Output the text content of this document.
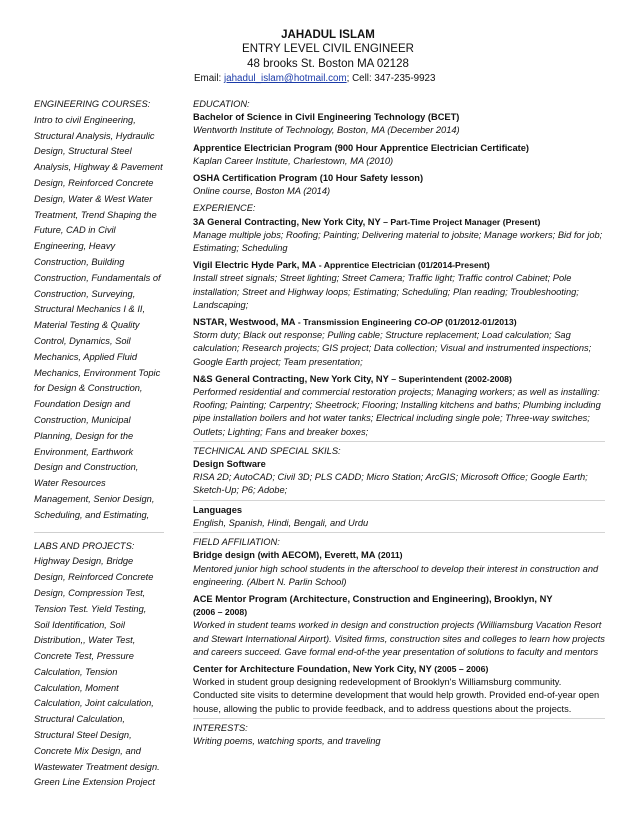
JAHADUL ISLAM
ENTRY LEVEL CIVIL ENGINEER
48 brooks St. Boston MA 02128
Email: jahadul_islam@hotmail.com; Cell: 347-235-9923
ENGINEERING COURSES:
Intro to civil Engineering, Structural Analysis, Hydraulic Design, Structural Steel Analysis, Highway & Pavement Design, Reinforced Concrete Design, Water & West Water Treatment, Trend Shaping the Future, CAD in Civil Engineering, Heavy Construction, Building Construction, Fundamentals of Construction, Surveying, Structural Mechanics I & II, Material Testing & Quality Control, Dynamics, Soil Mechanics, Applied Fluid Mechanics, Environment Topic for Design & Construction, Foundation Design and Construction, Municipal Planning, Design for the Environment, Earthwork Design and Construction, Water Resources Management, Senior Design, Scheduling, and Estimating,
LABS AND PROJECTS:
Highway Design, Bridge Design, Reinforced Concrete Design, Compression Test, Tension Test. Yield Testing, Soil Identification, Soil Distribution,, Water Test, Concrete Test, Pressure Calculation, Tension Calculation, Moment Calculation, Joint calculation, Structural Calculation, Structural Steel Design, Concrete Mix Design, and Wastewater Treatment design. Green Line Extension Project

EDUCATION:

Bachelor of Science in Civil Engineering Technology (BCET)

Wentworth Institute of Technology, Boston, MA (December 2014)

Apprentice Electrician Program (900 Hour Apprentice Electrician Certificate)

Kaplan Career Institute, Charlestown, MA (2010)

OSHA Certification Program (10 Hour Safety lesson)

Online course, Boston MA (2014)

EXPERIENCE:

3A General Contracting, New York City, NY – Part-Time Project Manager (Present)

Manage multiple jobs; Roofing; Painting; Delivering material to jobsite; Manage workers; Bid for job; Estimating; Scheduling

Vigil Electric Hyde Park, MA - Apprentice Electrician (01/2014-Present)

Install street signals; Street lighting; Street Camera; Traffic light; Traffic control Cabinet; Pole installation; Street and Highway loops; Estimating; Scheduling; Plan reading; Troubleshooting; Landscaping;

NSTAR, Westwood, MA - Transmission Engineering CO-OP (01/2012-01/2013)

Storm duty; Black out response; Pulling cable; Structure replacement; Load calculation; Sag calculation; Research projects; GIS project; Data collection; Visual and instrumented inspections; Google Earth project; Team presentation;

N&S General Contracting, New York City, NY – Superintendent (2002-2008)

Performed residential and commercial restoration projects; Managing workers; as well as installing: Roofing; Painting; Carpentry; Sheetrock; Flooring; Installing kitchens and baths; Plumbing including pipe installation boilers and hot water tanks; Electrical including single pole; Three-way switches; Outlets; Lighting; Fans and breaker boxes;

TECHNICAL AND SPECIAL SKILS:

Design Software

RISA 2D; AutoCAD; Civil 3D; PLS CADD; Micro Station; ArcGIS; Microsoft Office; Google Earth; Sketch-Up; P6; Adobe;

Languages

English, Spanish, Hindi, Bengali, and Urdu

FIELD AFFILIATION:

Bridge design (with AECOM), Everett, MA (2011)

Mentored junior high school students in the afterschool to develop their interest in construction and engineering. (Albert N. Parlin School)

ACE Mentor Program (Architecture, Construction and Engineering), Brooklyn, NY

(2006 – 2008)

Worked in student teams worked in design and construction projects (Williamsburg Vacation Resort and Stewart International Airport). Visited firms, construction sites and colleges to learn how projects and careers succeed. Gave formal end-of-the year presentation of solutions to faculty and mentors

Center for Architecture Foundation, New York City, NY (2005 – 2006)

Worked in student group designing redevelopment of Brooklyn's Williamsburg community. Conducted site visits to determine development that would help growth. Provided end-of-year open house, allowing the public to provide feedback, and to address questions about the projects.

INTERESTS:

Writing poems, watching sports, and traveling
